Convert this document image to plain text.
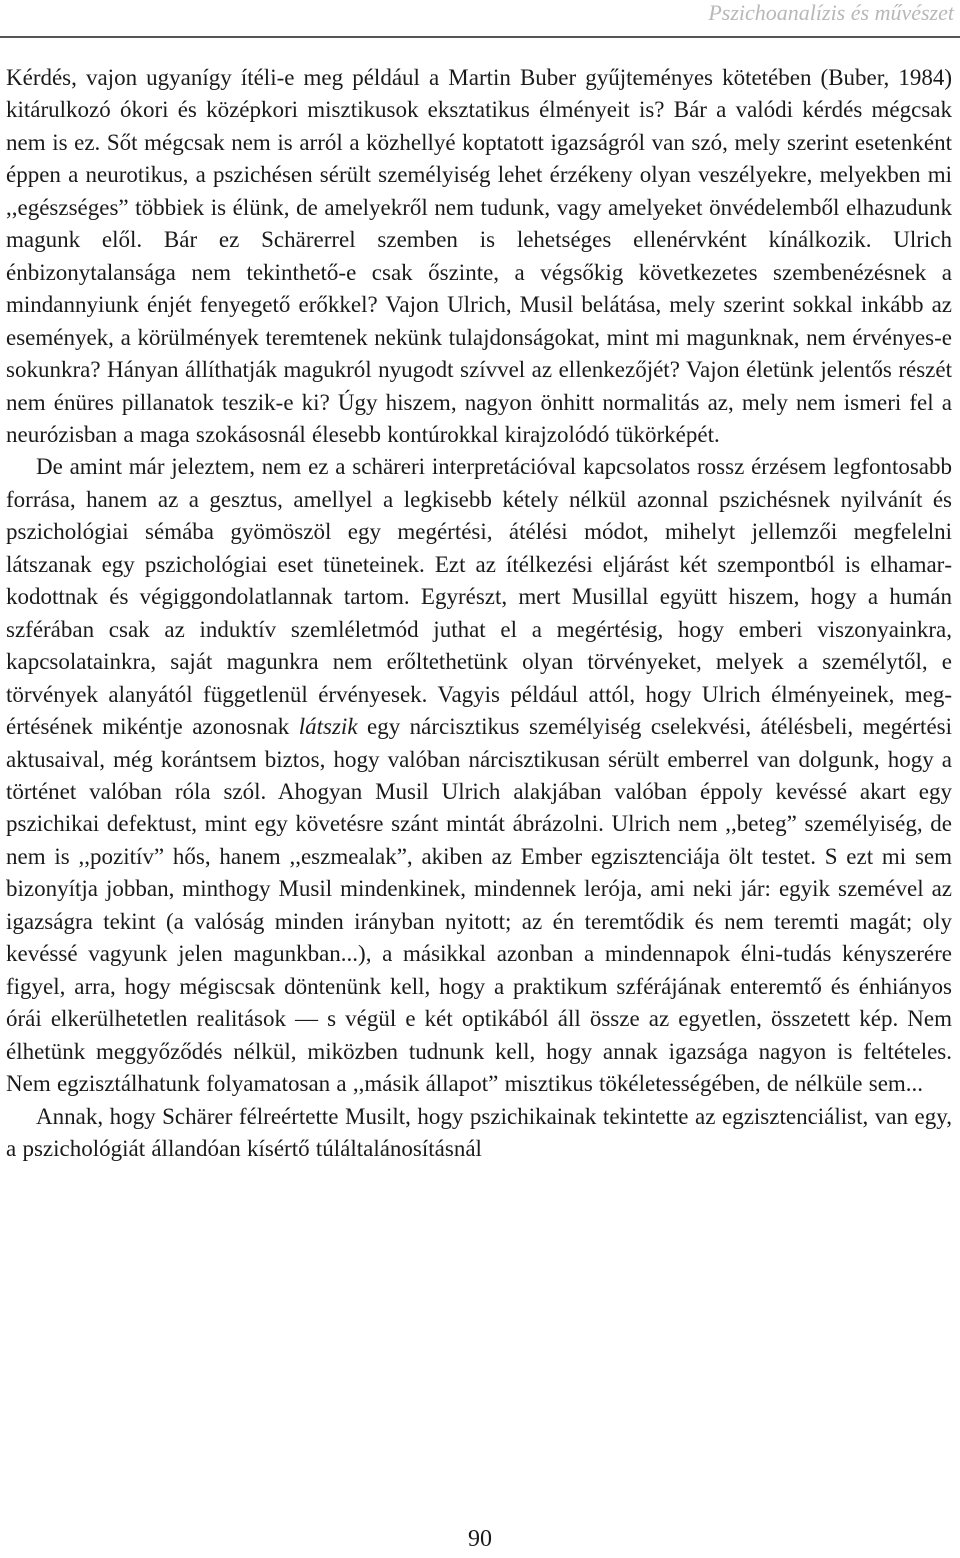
Pszichoanalízis és művészet

Kérdés, vajon ugyanígy ítéli-e meg például a Martin Buber gyűjteményes kötetében (Buber, 1984) kitárulkozó ókori és középkori misztikusok eksztatikus élményeit is? Bár a valódi kérdés mégcsak nem is ez. Sőt mégcsak nem is arról a közhellyé koptatott igazságról van szó, mely szerint esetenként éppen a neurotikus, a pszichésen sérült személyiség lehet érzékeny olyan veszélyekre, melyekben mi ,,egészséges” többiek is élünk, de amelyekről nem tudunk, vagy amelyeket önvédelemből elhazudunk magunk elől. Bár ez Schärerrel szemben is lehetséges ellenérvként kínálkozik. Ulrich énbizonytalansága nem tekinthető-e csak őszinte, a végsőkig következetes szembenézésnek a mindannyiunk énjét fenyegető erőkkel? Vajon Ulrich, Musil belátása, mely szerint sokkal inkább az események, a körülmények teremtenek nekünk tulajdonságokat, mint mi magunknak, nem érvényes-e sokunkra? Hányan állíthatják magukról nyugodt szívvel az ellenkezőjét? Vajon életünk jelentős részét nem énüres pillanatok teszik-e ki? Úgy hiszem, nagyon önhitt normalitás az, mely nem ismeri fel a neurózisban a maga szokásosnál élesebb kontúrokkal kirajzolódó tükörképét.

De amint már jeleztem, nem ez a schäreri interpretációval kapcsolatos rossz érzésem legfontosabb forrása, hanem az a gesztus, amellyel a legkisebb kétely nélkül azonnal pszichésnek nyilvánít és pszichológiai sémába gyömöszöl egy megértési, átélési módot, mihelyt jellemzői megfelelni látszanak egy pszichológiai eset tüneteinek. Ezt az ítélkezési eljárást két szempontból is elhamarkodottnak és végiggondolatlannak tartom. Egyrészt, mert Musillal együtt hiszem, hogy a humán szférában csak az induktív szemléletmód juthat el a megértésig, hogy emberi viszonyainkra, kapcsolatainkra, saját magunkra nem erőltethetünk olyan törvényeket, melyek a személytől, e törvények alanyától függetlenül érvényesek. Vagyis például attól, hogy Ulrich élményeinek, megértésének mikéntje azonosnak látszik egy nárcisztikus személyiség cselekvési, átélésbeli, megértési aktusaival, még korántsem biztos, hogy valóban nárcisztikusan sérült emberrel van dolgunk, hogy a történet valóban róla szól. Ahogyan Musil Ulrich alakjában valóban éppoly kevéssé akart egy pszichikai defektust, mint egy követésre szánt mintát ábrázolni. Ulrich nem ,,beteg” személyiség, de nem is ,,pozitív” hős, hanem ,,eszmealak”, akiben az Ember egzisztenciája ölt testet. S ezt mi sem bizonyítja jobban, minthogy Musil mindenkinek, mindennek lerója, ami neki jár: egyik szemével az igazságra tekint (a valóság minden irányban nyitott; az én teremtődik és nem teremti magát; oly kevéssé vagyunk jelen magunkban...), a másikkal azonban a mindennapok élni-tudás kényszerére figyel, arra, hogy mégiscsak döntenünk kell, hogy a praktikum szférájának enteremtő és énhiányos órái elkerülhetetlen realitások — s végül e két optikából áll össze az egyetlen, összetett kép. Nem élhetünk meggyőződés nélkül, miközben tudnunk kell, hogy annak igazsága nagyon is feltételes. Nem egzisztálhatunk folyamatosan a ,,másik állapot” misztikus tökéletességében, de nélküle sem...

Annak, hogy Schärer félreértette Musilt, hogy pszichikainak tekintette az egzisztenciálist, van egy, a pszichológiát állandóan kísértő túláltalánosításnál

90
